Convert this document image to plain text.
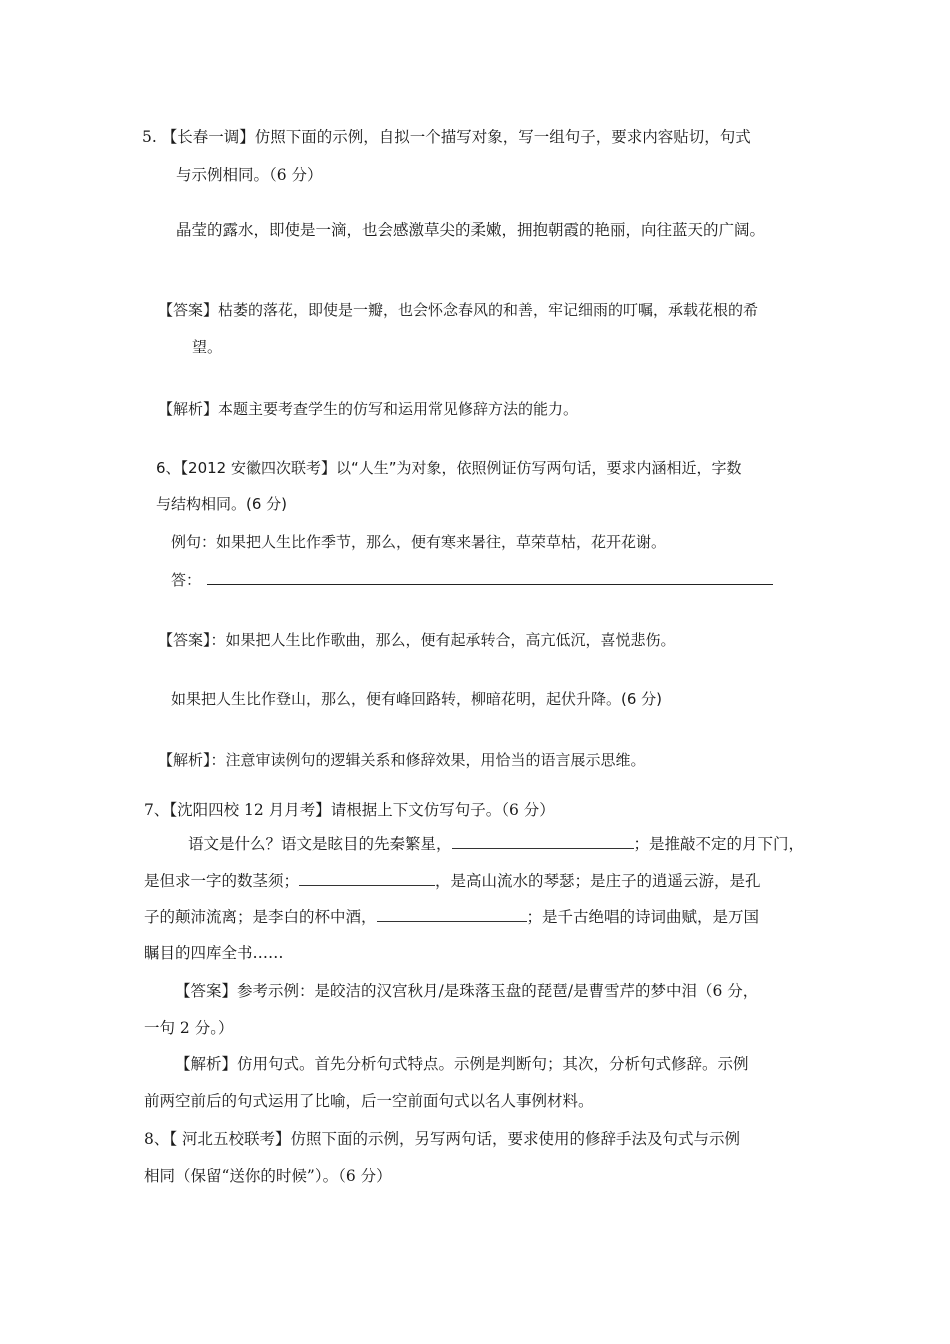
5. 【长春一调】仿照下面的示例，自拟一个描写对象，写一组句子，要求内容贴切，句式
与示例相同。（6 分）
晶莹的露水，即使是一滴，也会感激草尖的柔嫩，拥抱朝霞的艳丽，向往蓝天的广阔。
【答案】枯萎的落花，即使是一瓣，也会怀念春风的和善，牢记细雨的叮嘱，承载花根的希
望。
【解析】本题主要考查学生的仿写和运用常见修辞方法的能力。
6、【2012 安徽四次联考】以“人生”为对象，依照例证仿写两句话，要求内涵相近，字数
与结构相同。(6 分)
例句：如果把人生比作季节，那么，便有寒来暑往，草荣草枯，花开花谢。
答：
【答案】：如果把人生比作歌曲，那么，便有起承转合，高亢低沉，喜悦悲伤。
如果把人生比作登山，那么，便有峰回路转，柳暗花明，起伏升降。(6 分)
【解析】：注意审读例句的逻辑关系和修辞效果，用恰当的语言展示思维。
7、【沈阳四校 12 月月考】请根据上下文仿写句子。（6 分）
语文是什么？语文是眩目的先秦繁星，	；是推敲不定的月下门，
是但求一字的数茎须；	，是高山流水的琴瑟；是庄子的逍遥云游，是孔
子的颠沛流离；是李白的杯中酒，	；是千古绝唱的诗词曲赋，是万国
瞩目的四库全书……
【答案】参考示例：是皎洁的汉宫秋月/是珠落玉盘的琵琶/是曹雪芹的梦中泪（6 分，
一句 2 分。）
【解析】仿用句式。首先分析句式特点。示例是判断句；其次，分析句式修辞。示例
前两空前后的句式运用了比喻，后一空前面句式以名人事例材料。
8、【 河北五校联考】仿照下面的示例，另写两句话，要求使用的修辞手法及句式与示例
相同（保留“送你的时候”）。（6 分）
